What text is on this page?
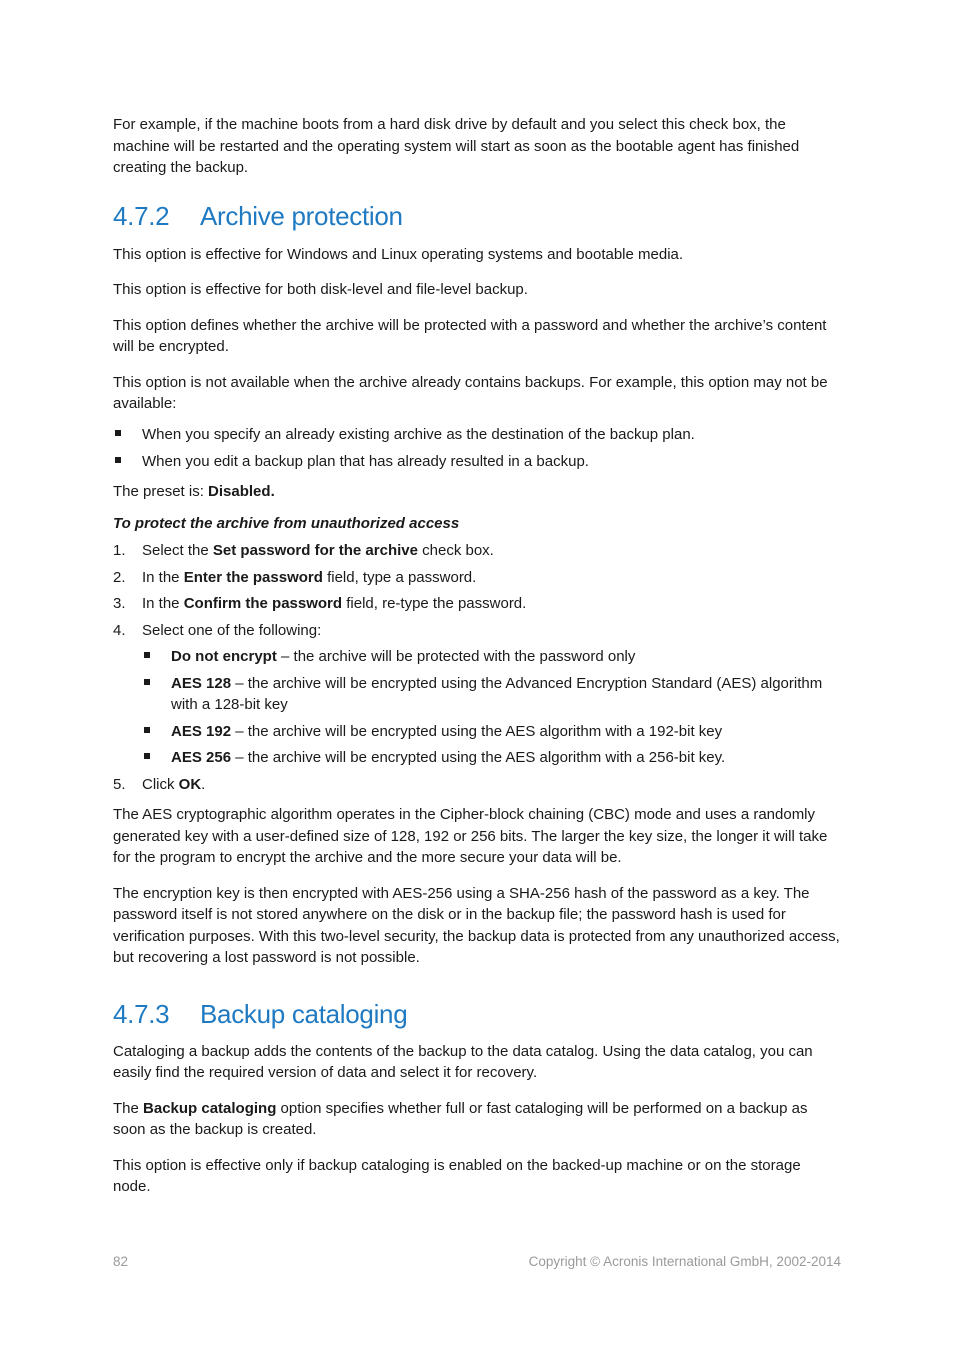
For example, if the machine boots from a hard disk drive by default and you select this check box, the machine will be restarted and the operating system will start as soon as the bootable agent has finished creating the backup.

4.7.2 Archive protection

This option is effective for Windows and Linux operating systems and bootable media.

This option is effective for both disk-level and file-level backup.

This option defines whether the archive will be protected with a password and whether the archive’s content will be encrypted.

This option is not available when the archive already contains backups. For example, this option may not be available:

When you specify an already existing archive as the destination of the backup plan.
When you edit a backup plan that has already resulted in a backup.

The preset is: Disabled.

To protect the archive from unauthorized access

1. Select the Set password for the archive check box.
2. In the Enter the password field, type a password.
3. In the Confirm the password field, re-type the password.
4. Select one of the following:
Do not encrypt – the archive will be protected with the password only
AES 128 – the archive will be encrypted using the Advanced Encryption Standard (AES) algorithm with a 128-bit key
AES 192 – the archive will be encrypted using the AES algorithm with a 192-bit key
AES 256 – the archive will be encrypted using the AES algorithm with a 256-bit key.
5. Click OK.

The AES cryptographic algorithm operates in the Cipher-block chaining (CBC) mode and uses a randomly generated key with a user-defined size of 128, 192 or 256 bits. The larger the key size, the longer it will take for the program to encrypt the archive and the more secure your data will be.

The encryption key is then encrypted with AES-256 using a SHA-256 hash of the password as a key. The password itself is not stored anywhere on the disk or in the backup file; the password hash is used for verification purposes. With this two-level security, the backup data is protected from any unauthorized access, but recovering a lost password is not possible.

4.7.3 Backup cataloging

Cataloging a backup adds the contents of the backup to the data catalog. Using the data catalog, you can easily find the required version of data and select it for recovery.

The Backup cataloging option specifies whether full or fast cataloging will be performed on a backup as soon as the backup is created.

This option is effective only if backup cataloging is enabled on the backed-up machine or on the storage node.

82	Copyright © Acronis International GmbH, 2002-2014
